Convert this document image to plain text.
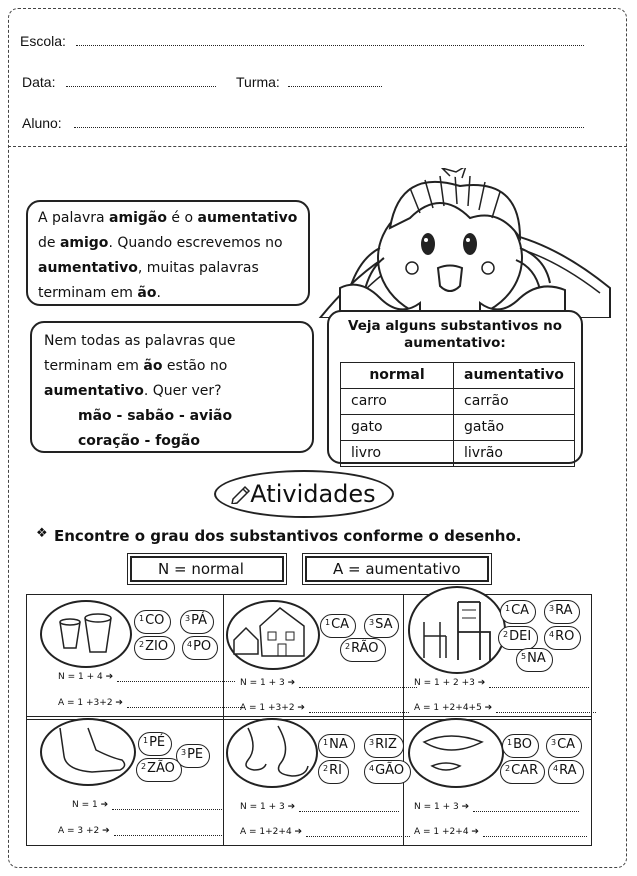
Escola:
Data:	Turma:
Aluno:
A palavra amigão é o aumentativo
de amigo. Quando escrevemos no
aumentativo, muitas palavras
terminam em ão.
Nem todas as palavras que
terminam em ão estão no
aumentativo. Quer ver?
mão - sabão - avião
coração - fogão
Veja alguns substantivos no aumentativo:
normal	aumentativo
carro	carrão
gato	gatão
livro	livrão
Atividades
❖ Encontre o grau dos substantivos conforme o desenho.
N = normal	A = aumentativo
$^1$CO	$^3$PÁ
$^2$ZIO	$^4$PO
$^1$CA	$^3$SA
$^2$RÃO
$^1$CA	$^3$RA
$^2$DEI	$^4$RO
$^5$NA
$^1$PÉ
$^3$PE
$^2$ZÃO
$^1$NA	$^3$RIZ
$^2$RI	$^4$GÃO
$^1$BO	$^3$CA
$^2$CAR	$^4$RA
N = 1 + 4 ➔
A = 1 +3+2 ➔
N = 1 + 3 ➔
A = 1 +3+2 ➔
N = 1 + 2 +3 ➔
A = 1 +2+4+5 ➔
N = 1 ➔
A = 3 +2 ➔
N = 1 + 3 ➔
A = 1+2+4 ➔
N = 1 + 3 ➔
A = 1 +2+4 ➔
